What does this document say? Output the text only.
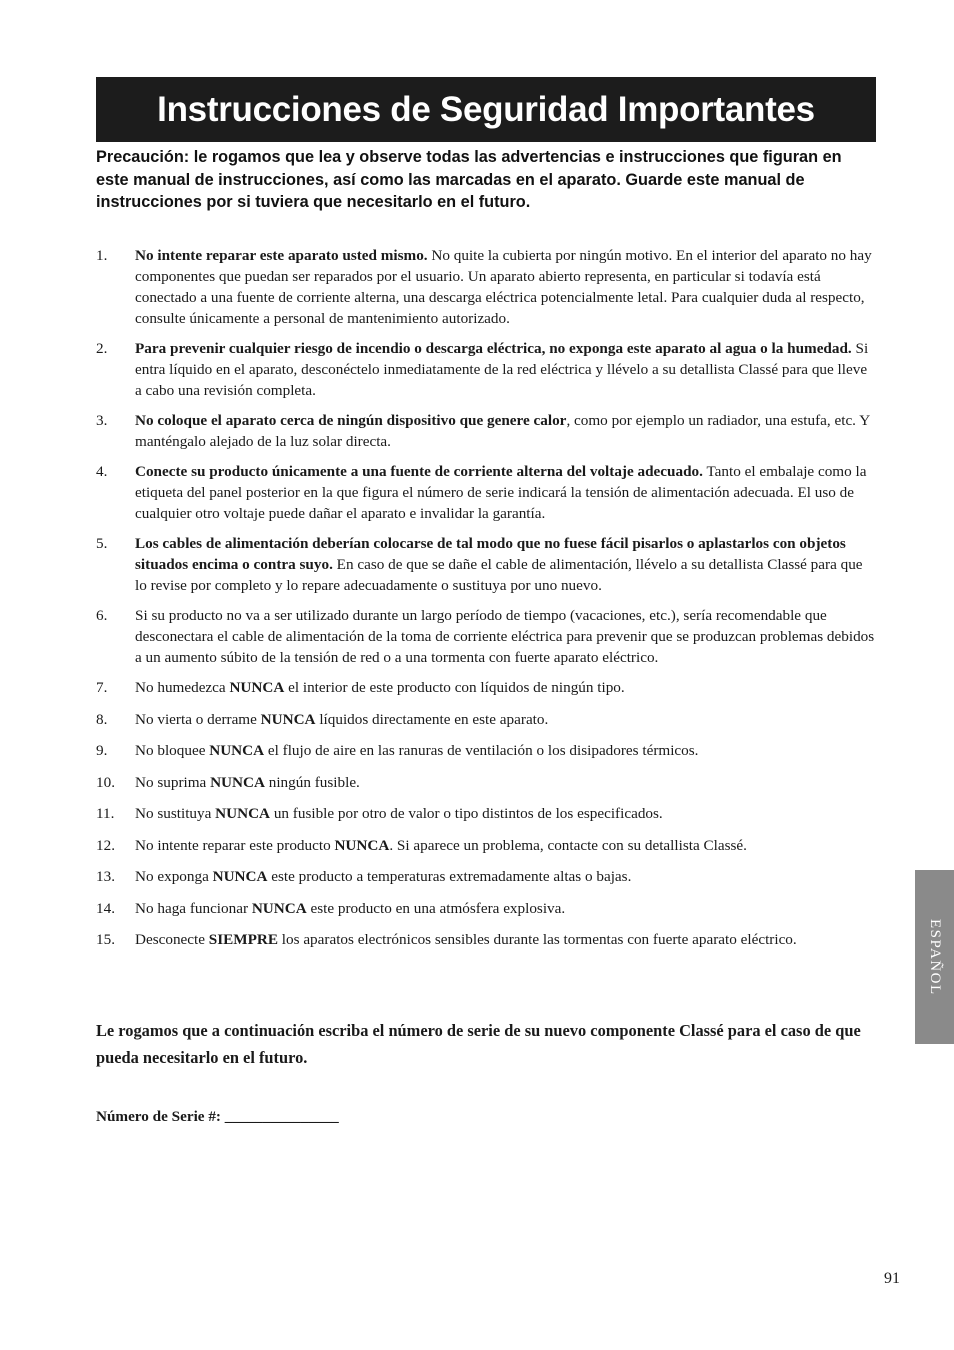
Instrucciones de Seguridad Importantes
Precaución: le rogamos que lea y observe todas las advertencias e instrucciones que figuran en este manual de instrucciones, así como las marcadas en el aparato. Guarde este manual de instrucciones por si tuviera que necesitarlo en el futuro.
1. No intente reparar este aparato usted mismo. No quite la cubierta por ningún motivo. En el interior del aparato no hay componentes que puedan ser reparados por el usuario. Un aparato abierto representa, en particular si todavía está conectado a una fuente de corriente alterna, una descarga eléctrica potencialmente letal. Para cualquier duda al respecto, consulte únicamente a personal de mantenimiento autorizado.
2. Para prevenir cualquier riesgo de incendio o descarga eléctrica, no exponga este aparato al agua o la humedad. Si entra líquido en el aparato, desconéctelo inmediatamente de la red eléctrica y llévelo a su detallista Classé para que lleve a cabo una revisión completa.
3. No coloque el aparato cerca de ningún dispositivo que genere calor, como por ejemplo un radiador, una estufa, etc. Y manténgalo alejado de la luz solar directa.
4. Conecte su producto únicamente a una fuente de corriente alterna del voltaje adecuado. Tanto el embalaje como la etiqueta del panel posterior en la que figura el número de serie indicará la tensión de alimentación adecuada. El uso de cualquier otro voltaje puede dañar el aparato e invalidar la garantía.
5. Los cables de alimentación deberían colocarse de tal modo que no fuese fácil pisarlos o aplastarlos con objetos situados encima o contra suyo. En caso de que se dañe el cable de alimentación, llévelo a su detallista Classé para que lo revise por completo y lo repare adecuadamente o sustituya por uno nuevo.
6. Si su producto no va a ser utilizado durante un largo período de tiempo (vacaciones, etc.), sería recomendable que desconectara el cable de alimentación de la toma de corriente eléctrica para prevenir que se produzcan problemas debidos a un aumento súbito de la tensión de red o a una tormenta con fuerte aparato eléctrico.
7. No humedezca NUNCA el interior de este producto con líquidos de ningún tipo.
8. No vierta o derrame NUNCA líquidos directamente en este aparato.
9. No bloquee NUNCA el flujo de aire en las ranuras de ventilación o los disipadores térmicos.
10. No suprima NUNCA ningún fusible.
11. No sustituya NUNCA un fusible por otro de valor o tipo distintos de los especificados.
12. No intente reparar este producto NUNCA. Si aparece un problema, contacte con su detallista Classé.
13. No exponga NUNCA este producto a temperaturas extremadamente altas o bajas.
14. No haga funcionar NUNCA este producto en una atmósfera explosiva.
15. Desconecte SIEMPRE los aparatos electrónicos sensibles durante las tormentas con fuerte aparato eléctrico.
Le rogamos que a continuación escriba el número de serie de su nuevo componente Classé para el caso de que pueda necesitarlo en el futuro.
Número de Serie #: _______________
ESPAÑOL
91
